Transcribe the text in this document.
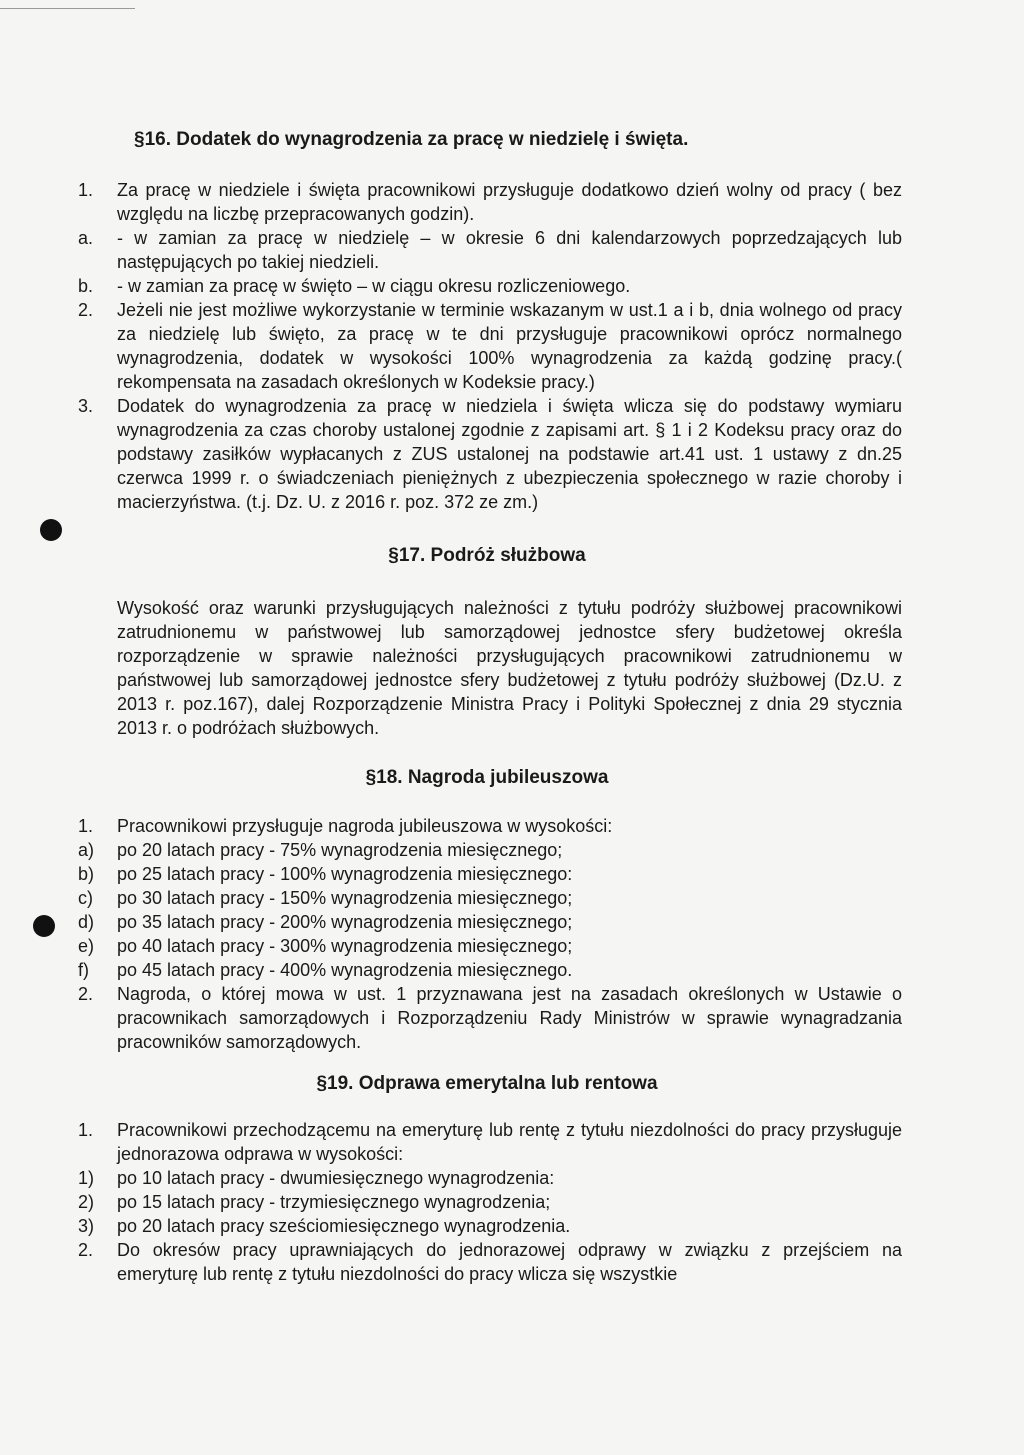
§16. Dodatek do wynagrodzenia za pracę w niedzielę i święta.
1.	Za pracę w niedziele i święta pracownikowi przysługuje dodatkowo dzień wolny od pracy ( bez względu na liczbę przepracowanych godzin).
a.	- w zamian za pracę w niedzielę – w okresie 6 dni kalendarzowych poprzedzających lub następujących po takiej niedzieli.
b.	- w zamian za pracę w święto – w ciągu okresu rozliczeniowego.
2.	Jeżeli nie jest możliwe wykorzystanie w terminie wskazanym w ust.1 a i b, dnia wolnego od pracy za niedzielę lub święto, za pracę w te dni przysługuje pracownikowi oprócz normalnego wynagrodzenia, dodatek w wysokości 100% wynagrodzenia za każdą godzinę pracy.( rekompensata na zasadach określonych w Kodeksie pracy.)
3.	Dodatek do wynagrodzenia za pracę w niedziela i święta wlicza się do podstawy wymiaru wynagrodzenia za czas choroby ustalonej zgodnie z zapisami art. § 1 i 2 Kodeksu pracy oraz do podstawy zasiłków wypłacanych z ZUS ustalonej na podstawie art.41 ust. 1 ustawy z dn.25 czerwca 1999 r. o świadczeniach pieniężnych z ubezpieczenia społecznego w razie choroby i macierzyństwa. (t.j. Dz. U. z 2016 r. poz. 372 ze zm.)
§17. Podróż służbowa

Wysokość oraz warunki przysługujących należności z tytułu podróży służbowej pracownikowi zatrudnionemu w państwowej lub samorządowej jednostce sfery budżetowej określa rozporządzenie w sprawie należności przysługujących pracownikowi zatrudnionemu w państwowej lub samorządowej jednostce sfery budżetowej z tytułu podróży służbowej (Dz.U. z 2013 r. poz.167), dalej Rozporządzenie Ministra Pracy i Polityki Społecznej z dnia 29 stycznia 2013 r. o podróżach służbowych.

§18. Nagroda jubileuszowa
1.	Pracownikowi przysługuje nagroda jubileuszowa w wysokości:
a)	po 20 latach pracy - 75% wynagrodzenia miesięcznego;
b)	po 25 latach pracy - 100% wynagrodzenia miesięcznego:
c)	po 30 latach pracy - 150% wynagrodzenia miesięcznego;
d)	po 35 latach pracy - 200% wynagrodzenia miesięcznego;
e)	po 40 latach pracy - 300% wynagrodzenia miesięcznego;
f)	po 45 latach pracy - 400% wynagrodzenia miesięcznego.
2.	Nagroda, o której mowa w ust. 1 przyznawana jest na zasadach określonych w Ustawie o pracownikach samorządowych i Rozporządzeniu Rady Ministrów w sprawie wynagradzania pracowników samorządowych.
§19. Odprawa emerytalna lub rentowa
1.	Pracownikowi przechodzącemu na emeryturę lub rentę z tytułu niezdolności do pracy przysługuje jednorazowa odprawa w wysokości:
1)	po 10 latach pracy - dwumiesięcznego wynagrodzenia:
2)	po 15 latach pracy - trzymiesięcznego wynagrodzenia;
3)	po 20 latach pracy sześciomiesięcznego wynagrodzenia.
2.	Do okresów pracy uprawniających do jednorazowej odprawy w związku z przejściem na emeryturę lub rentę z tytułu niezdolności do pracy wlicza się wszystkie
